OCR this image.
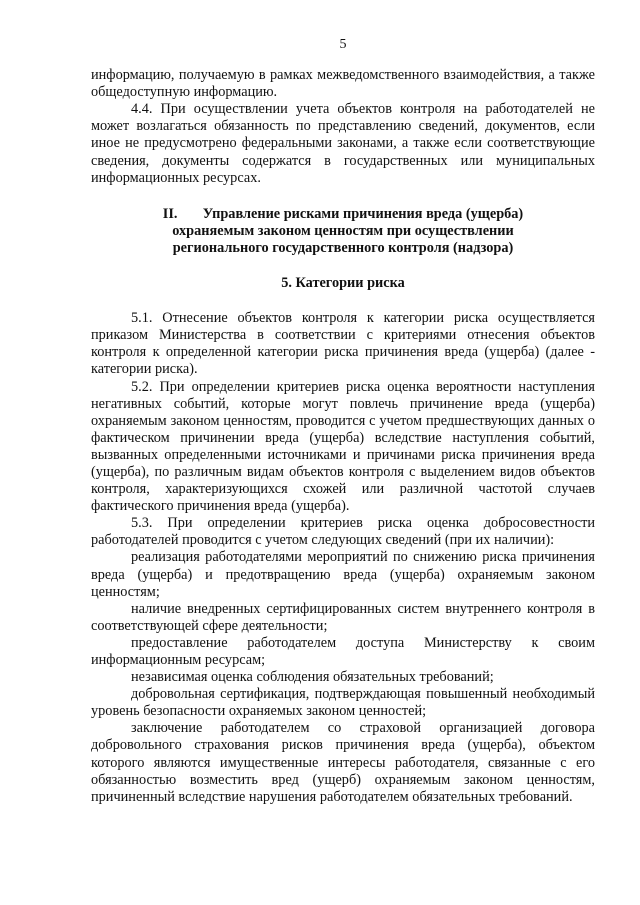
5

информацию, получаемую в рамках межведомственного взаимодействия, а также общедоступную информацию.

4.4. При осуществлении учета объектов контроля на работодателей не может возлагаться обязанность по представлению сведений, документов, если иное не предусмотрено федеральными законами, а также если соответствующие сведения, документы содержатся в государственных или муниципальных информационных ресурсах.

II. Управление рисками причинения вреда (ущерба)
охраняемым законом ценностям при осуществлении
регионального государственного контроля (надзора)
5. Категории риска

5.1. Отнесение объектов контроля к категории риска осуществляется приказом Министерства в соответствии с критериями отнесения объектов контроля к определенной категории риска причинения вреда (ущерба) (далее - категории риска).

5.2. При определении критериев риска оценка вероятности наступления негативных событий, которые могут повлечь причинение вреда (ущерба) охраняемым законом ценностям, проводится с учетом предшествующих данных о фактическом причинении вреда (ущерба) вследствие наступления событий, вызванных определенными источниками и причинами риска причинения вреда (ущерба), по различным видам объектов контроля с выделением видов объектов контроля, характеризующихся схожей или различной частотой случаев фактического причинения вреда (ущерба).

5.3. При определении критериев риска оценка добросовестности работодателей проводится с учетом следующих сведений (при их наличии):

реализация работодателями мероприятий по снижению риска причинения вреда (ущерба) и предотвращению вреда (ущерба) охраняемым законом ценностям;

наличие внедренных сертифицированных систем внутреннего контроля в соответствующей сфере деятельности;

предоставление работодателем доступа Министерству к своим информационным ресурсам;

независимая оценка соблюдения обязательных требований;

добровольная сертификация, подтверждающая повышенный необходимый уровень безопасности охраняемых законом ценностей;

заключение работодателем со страховой организацией договора добровольного страхования рисков причинения вреда (ущерба), объектом которого являются имущественные интересы работодателя, связанные с его обязанностью возместить вред (ущерб) охраняемым законом ценностям, причиненный вследствие нарушения работодателем обязательных требований.
